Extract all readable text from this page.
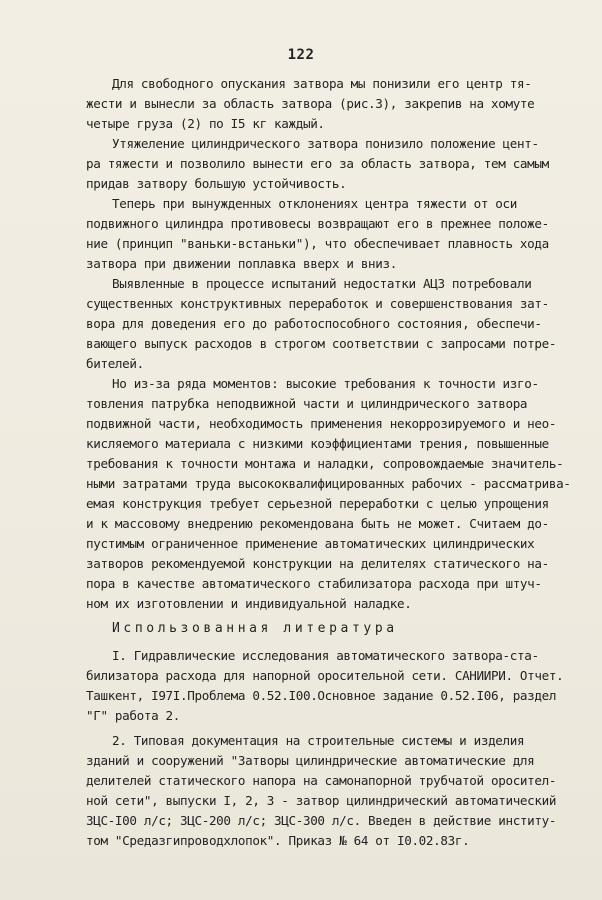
122
Для свободного опускания затвора мы понизили его центр тя-
жести и вынесли за область затвора (рис.3), закрепив на хомуте
четыре груза (2) по I5 кг каждый.
Утяжеление цилиндрического затвора понизило положение цент-
ра тяжести и позволило вынести его за область затвора, тем самым
придав затвору большую устойчивость.
Теперь при вынужденных отклонениях центра тяжести от оси
подвижного цилиндра противовесы возвращают его в прежнее положе-
ние (принцип "ваньки-встаньки"), что обеспечивает плавность хода
затвора при движении поплавка вверх и вниз.
Выявленные в процессе испытаний недостатки АЦЗ потребовали
существенных конструктивных переработок и совершенствования зат-
вора для доведения его до работоспособного состояния, обеспечи-
вающего выпуск расходов в строгом соответствии с запросами потре-
бителей.
Но из-за ряда моментов: высокие требования к точности изго-
товления патрубка неподвижной части и цилиндрического затвора
подвижной части, необходимость применения некоррозируемого и нео-
кисляемого материала с низкими коэффициентами трения, повышенные
требования к точности монтажа и наладки, сопровождаемые значитель-
ными затратами труда высококвалифицированных рабочих - рассматрива-
емая конструкция требует серьезной переработки с целью упрощения
и к массовому внедрению рекомендована быть не может. Считаем до-
пустимым ограниченное применение автоматических цилиндрических
затворов рекомендуемой конструкции на делителях статического на-
пора в качестве автоматического стабилизатора расхода при штуч-
ном их изготовлении и индивидуальной наладке.
Использованная литература
I. Гидравлические исследования автоматического затвора-ста-
билизатора расхода для напорной оросительной сети. САНИИРИ. Отчет.
Ташкент, I97I.Проблема 0.52.I00.Основное задание 0.52.I06, раздел
"Г" работа 2.
2. Типовая документация на строительные системы и изделия
зданий и сооружений "Затворы цилиндрические автоматические для
делителей статического напора на самонапорной трубчатой оросител-
ной сети", выпуски I, 2, 3 - затвор цилиндрический автоматический
ЗЦС-I00 л/с; ЗЦС-200 л/с; ЗЦС-300 л/с. Введен в действие институ-
том "Средазгипроводхлопок". Приказ № 64 от I0.02.83г.
